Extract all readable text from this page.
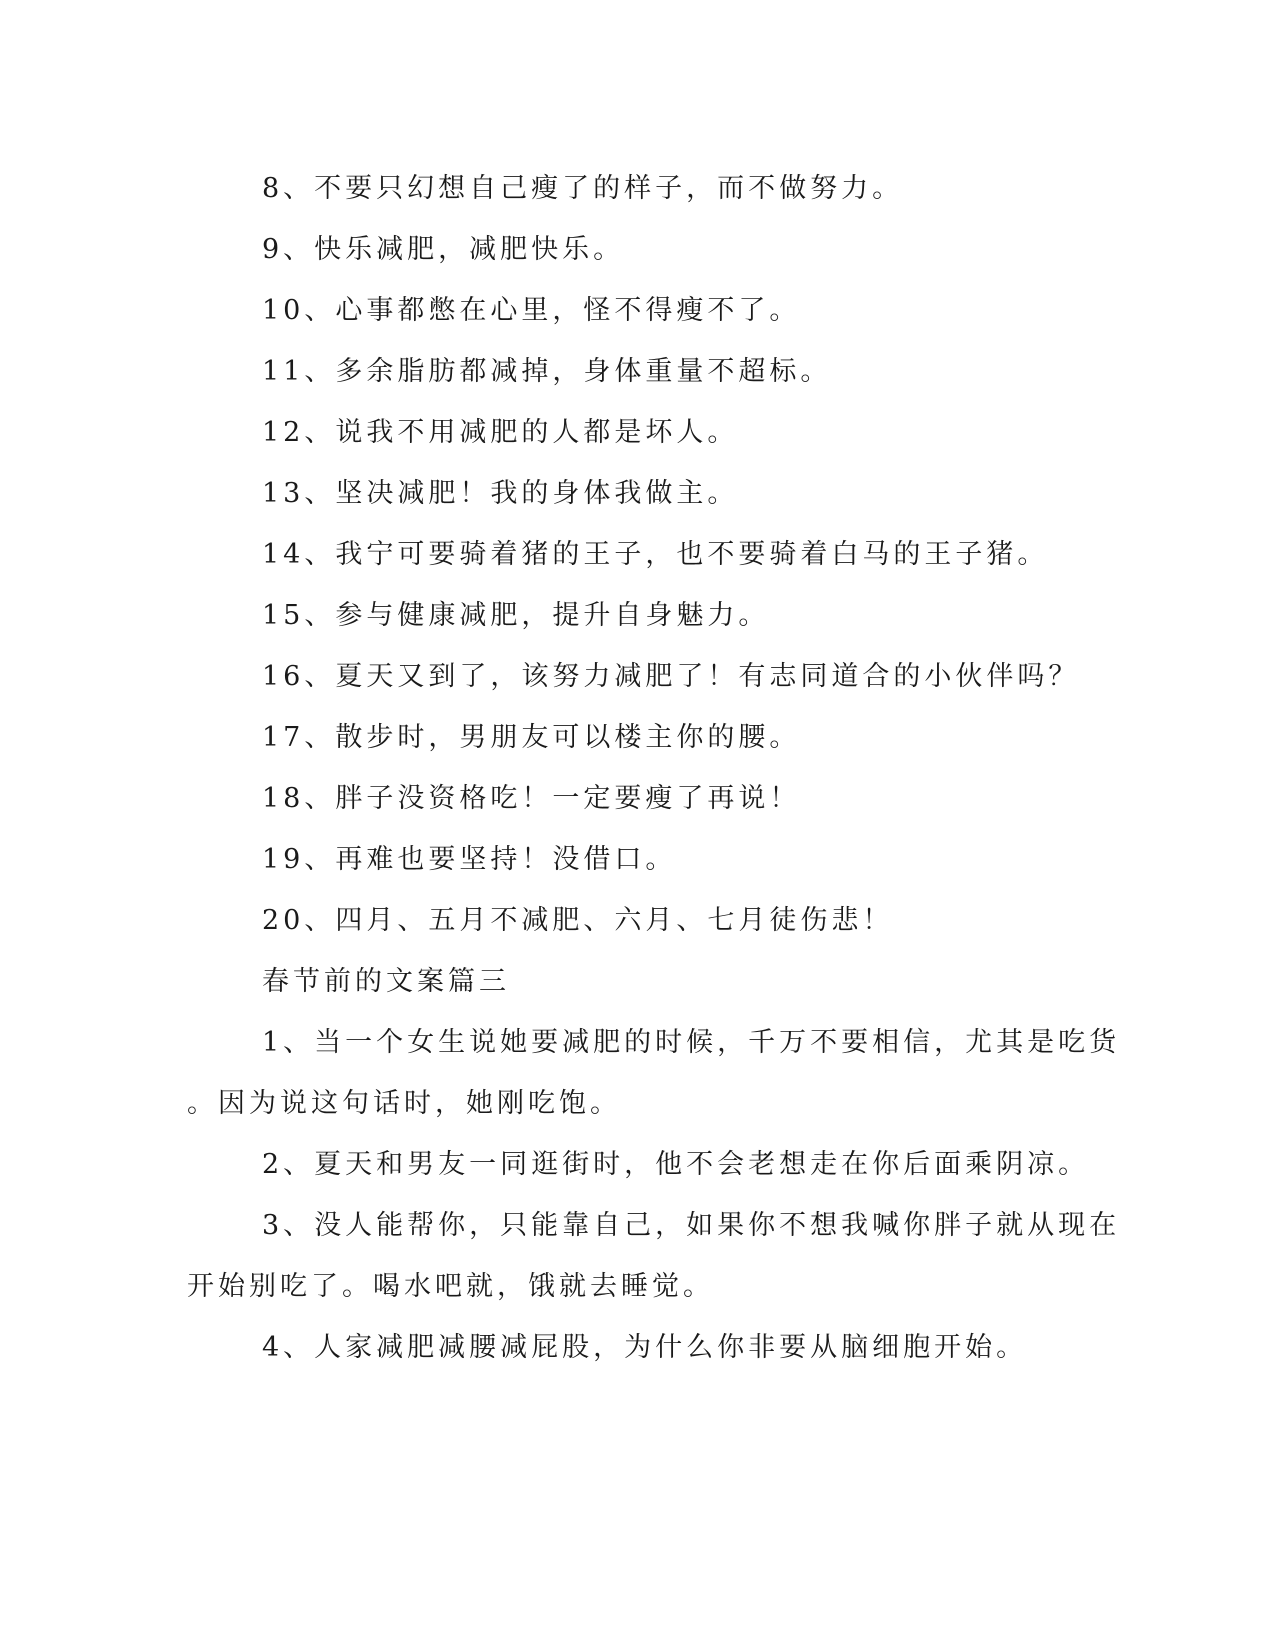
8、不要只幻想自己瘦了的样子，而不做努力。
9、快乐减肥，减肥快乐。
10、心事都憋在心里，怪不得瘦不了。
11、多余脂肪都减掉，身体重量不超标。
12、说我不用减肥的人都是坏人。
13、坚决减肥！我的身体我做主。
14、我宁可要骑着猪的王子，也不要骑着白马的王子猪。
15、参与健康减肥，提升自身魅力。
16、夏天又到了，该努力减肥了！有志同道合的小伙伴吗？
17、散步时，男朋友可以楼主你的腰。
18、胖子没资格吃！一定要瘦了再说！
19、再难也要坚持！没借口。
20、四月、五月不减肥、六月、七月徒伤悲！
春节前的文案篇三
1、当一个女生说她要减肥的时候，千万不要相信，尤其是吃货
。因为说这句话时，她刚吃饱。
2、夏天和男友一同逛街时，他不会老想走在你后面乘阴凉。
3、没人能帮你，只能靠自己，如果你不想我喊你胖子就从现在
开始别吃了。喝水吧就，饿就去睡觉。
4、人家减肥减腰减屁股，为什么你非要从脑细胞开始。
